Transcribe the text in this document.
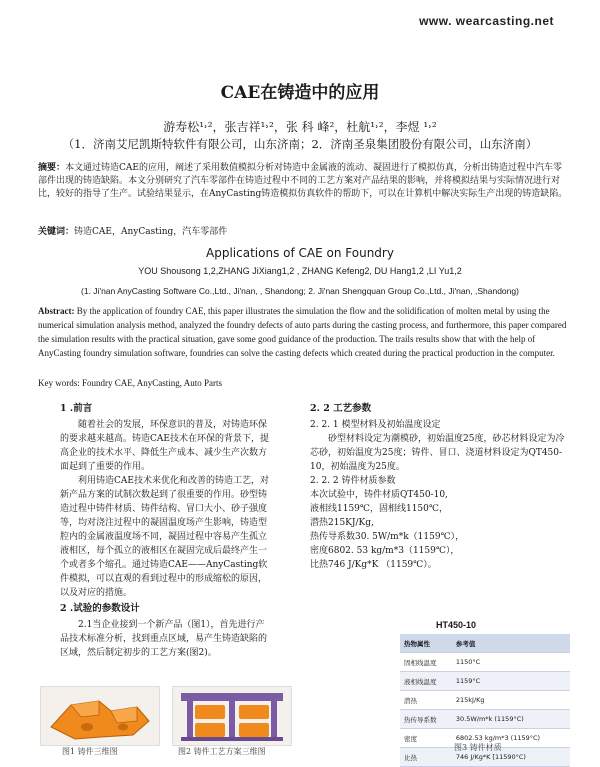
www. wearcasting.net
CAE在铸造中的应用
游寿松¹˒²，张吉祥¹˒²，张 科 峰²，杜航¹˒²，李煜 ¹˒²
（1．济南艾尼凯斯特软件有限公司，山东济南；2．济南圣泉集团股份有限公司，山东济南）
摘要：本文通过铸造CAE的应用，阐述了采用数值模拟分析对铸造中金属液的流动、凝固进行了模拟仿真，分析出铸造过程中汽车零部件出现的铸造缺陷。本文分别研究了汽车零部件在铸造过程中不同的工艺方案对产品结果的影响，并将模拟结果与实际情况进行对比，较好的指导了生产。试验结果显示，在AnyCasting铸造模拟仿真软件的帮助下，可以在计算机中解决实际生产出现的铸造缺陷。
关键词：铸造CAE，AnyCasting，汽车零部件
Applications of CAE on Foundry
YOU Shousong 1,2,ZHANG JiXiang1,2 , ZHANG Kefeng2, DU Hang1,2 ,LI Yu1,2
(1. Ji'nan AnyCasting Software Co.,Ltd., Ji'nan, , Shandong; 2. Ji'nan Shengquan Group Co.,Ltd., Ji'nan, ,Shandong)
Abstract: By the application of foundry CAE, this paper illustrates the simulation the flow and the solidification of molten metal by using the numerical simulation analysis method, analyzed the foundry defects of auto parts during the casting process, and furthermore, this paper compared the simulation results with the practical situation, gave some good guidance of the production. The trails results show that with the help of AnyCasting foundry simulation software, foundries can solve the casting defects which created during the practical production in the computer.
Key words: Foundry CAE, AnyCasting, Auto Parts
1 .前言

随着社会的发展，环保意识的普及，对铸造环保的要求越来越高。铸造CAE技术在环保的背景下，提高企业的技术水平、降低生产成本、减少生产次数方面起到了重要的作用。

利用铸造CAE技术来优化和改善的铸造工艺，对新产品方案的试制次数起到了很重要的作用。砂型铸造过程中铸件材质、铸件结构、冒口大小、砂子强度等，均对浇注过程中的凝固温度场产生影响，铸造型腔内的金属液温度场不同，凝固过程中容易产生孤立液相区，每个孤立的液相区在凝固完成后最终产生一个或者多个缩孔。通过铸造CAE——AnyCasting软件模拟，可以直观的看到过程中的形成缩松的原因，以及对应的措施。

2 .试验的参数设计

2.1当企业接到一个新产品（图1），首先进行产品技术标准分析，找到重点区域，易产生铸造缺陷的区域，然后制定初步的工艺方案(图2)。

2. 2 工艺参数
2. 2. 1 模型材料及初始温度设定

砂型材料设定为潮模砂，初始温度25度，砂芯材料设定为冷芯砂，初始温度为25度；铸件、冒口、浇道材料设定为QT450-10，初始温度为25度。

2. 2. 2 铸件材质参数
本次试验中，铸件材质QT450-10,
液相线1159℃，固相线1150℃，
潜热215KJ/Kg,
热传导系数30. 5W/m*k（1159℃），
密度6802. 53 kg/m*3（1159℃），
比热746 J/Kg*K （1159℃）。
图1 铸件三维图	图2 铸件工艺方案三维图
HT450-10
热物属性	参考值
固相线温度	1150°C
液相线温度	1159°C
潜热	215kJ/Kg
热传导系数	30.5W/m*k (1159°C)
密度	6802.53 kg/m*3 (1159°C)
比热	746 J/Kg*K [11590°C)
图3 铸件材质
